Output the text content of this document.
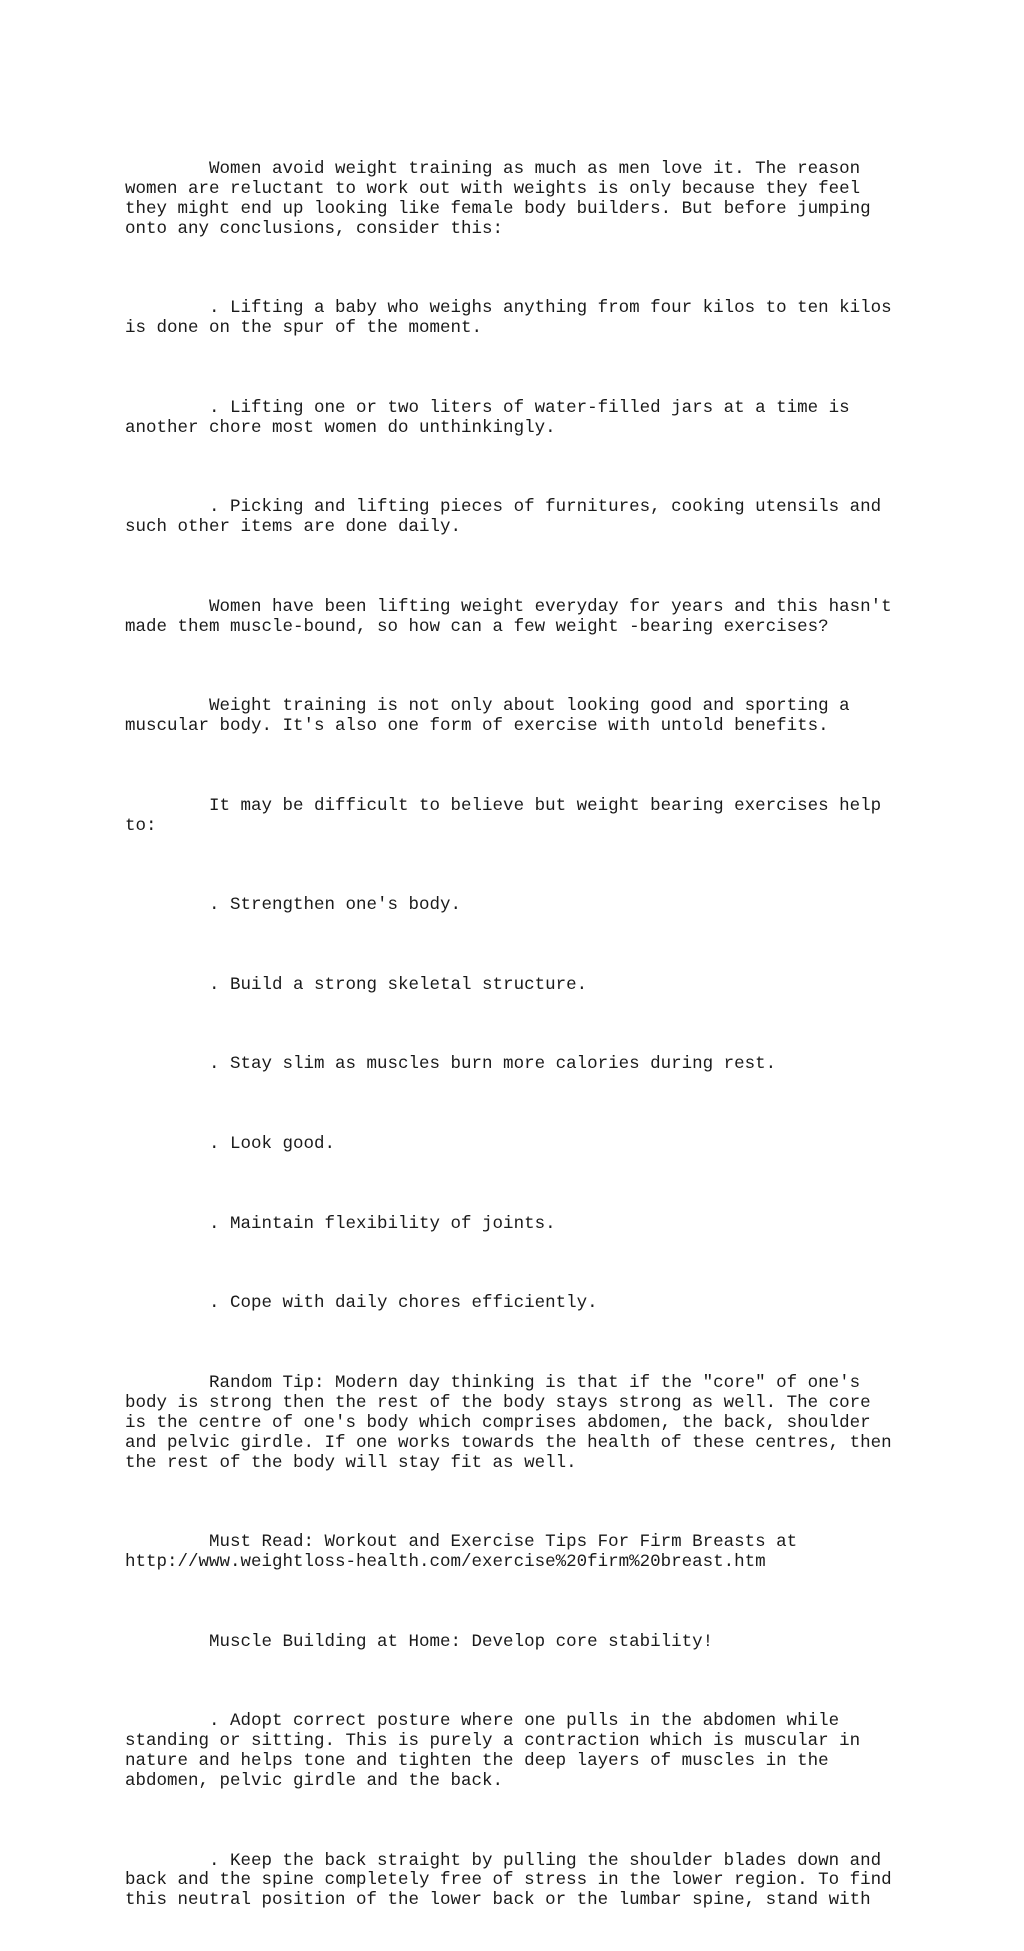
Women avoid weight training as much as men love it. The reason
women are reluctant to work out with weights is only because they feel
they might end up looking like female body builders. But before jumping
onto any conclusions, consider this:

. Lifting a baby who weighs anything from four kilos to ten kilos
is done on the spur of the moment.

. Lifting one or two liters of water-filled jars at a time is
another chore most women do unthinkingly.

. Picking and lifting pieces of furnitures, cooking utensils and
such other items are done daily.

Women have been lifting weight everyday for years and this hasn't
made them muscle-bound, so how can a few weight -bearing exercises?

Weight training is not only about looking good and sporting a
muscular body. It's also one form of exercise with untold benefits.

It may be difficult to believe but weight bearing exercises help
to:

. Strengthen one's body.

. Build a strong skeletal structure.

. Stay slim as muscles burn more calories during rest.

. Look good.

. Maintain flexibility of joints.

. Cope with daily chores efficiently.

Random Tip: Modern day thinking is that if the "core" of one's
body is strong then the rest of the body stays strong as well. The core
is the centre of one's body which comprises abdomen, the back, shoulder
and pelvic girdle. If one works towards the health of these centres, then
the rest of the body will stay fit as well.

Must Read: Workout and Exercise Tips For Firm Breasts at
http://www.weightloss-health.com/exercise%20firm%20breast.htm

Muscle Building at Home: Develop core stability!

. Adopt correct posture where one pulls in the abdomen while
standing or sitting. This is purely a contraction which is muscular in
nature and helps tone and tighten the deep layers of muscles in the
abdomen, pelvic girdle and the back.

. Keep the back straight by pulling the shoulder blades down and
back and the spine completely free of stress in the lower region. To find
this neutral position of the lower back or the lumbar spine, stand with
